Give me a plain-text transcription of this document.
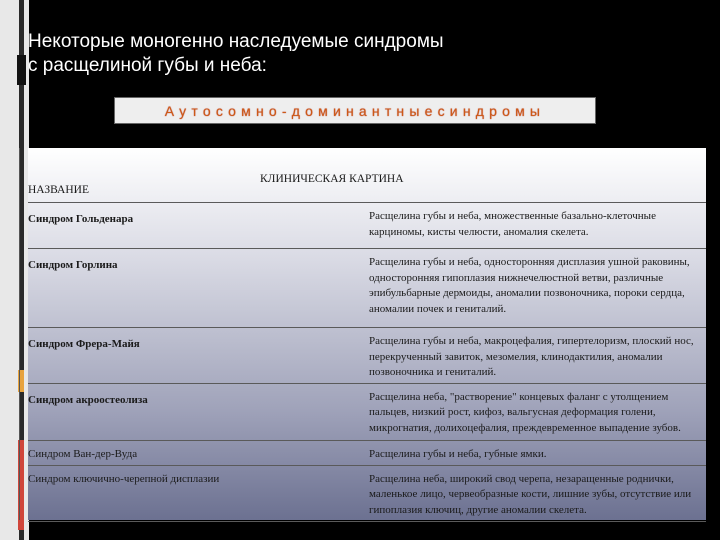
Некоторые моногенно наследуемые синдромы
с расщелиной губы и неба:
Аутосомно-доминантныесиндромы
КЛИНИЧЕСКАЯ КАРТИНА
НАЗВАНИЕ	

Синдром Гольденара	Расщелина губы и неба, множественные базально-клеточные карциномы, кисты челюсти, аномалия скелета.
Синдром Горлина	Расщелина губы и неба, односторонняя дисплазия ушной раковины, односторонняя гипоплазия нижнечелюстной ветви, различные эпибульбарные дермоиды, аномалии позвоночника, пороки сердца, аномалии почек и гениталий.
Синдром Фрера-Майя	Расщелина губы и неба, макроцефалия, гипертелоризм, плоский нос, перекрученный завиток, мезомелия, клинодактилия, аномалии позвоночника и гениталий.
Синдром акроостеолиза	Расщелина неба, "растворение" концевых фаланг с утолщением пальцев, низкий рост, кифоз, вальгусная деформация голени, микрогнатия, долихоцефалия, преждевременное выпадение зубов.
Синдром Ван-дер-Вуда	Расщелина губы и неба, губные ямки.
Синдром ключично-черепной дисплазии	Расщелина неба, широкий свод черепа, незаращенные роднички, маленькое лицо, червеобразные кости, лишние зубы, отсутствие или гипоплазия ключиц, другие аномалии скелета.
